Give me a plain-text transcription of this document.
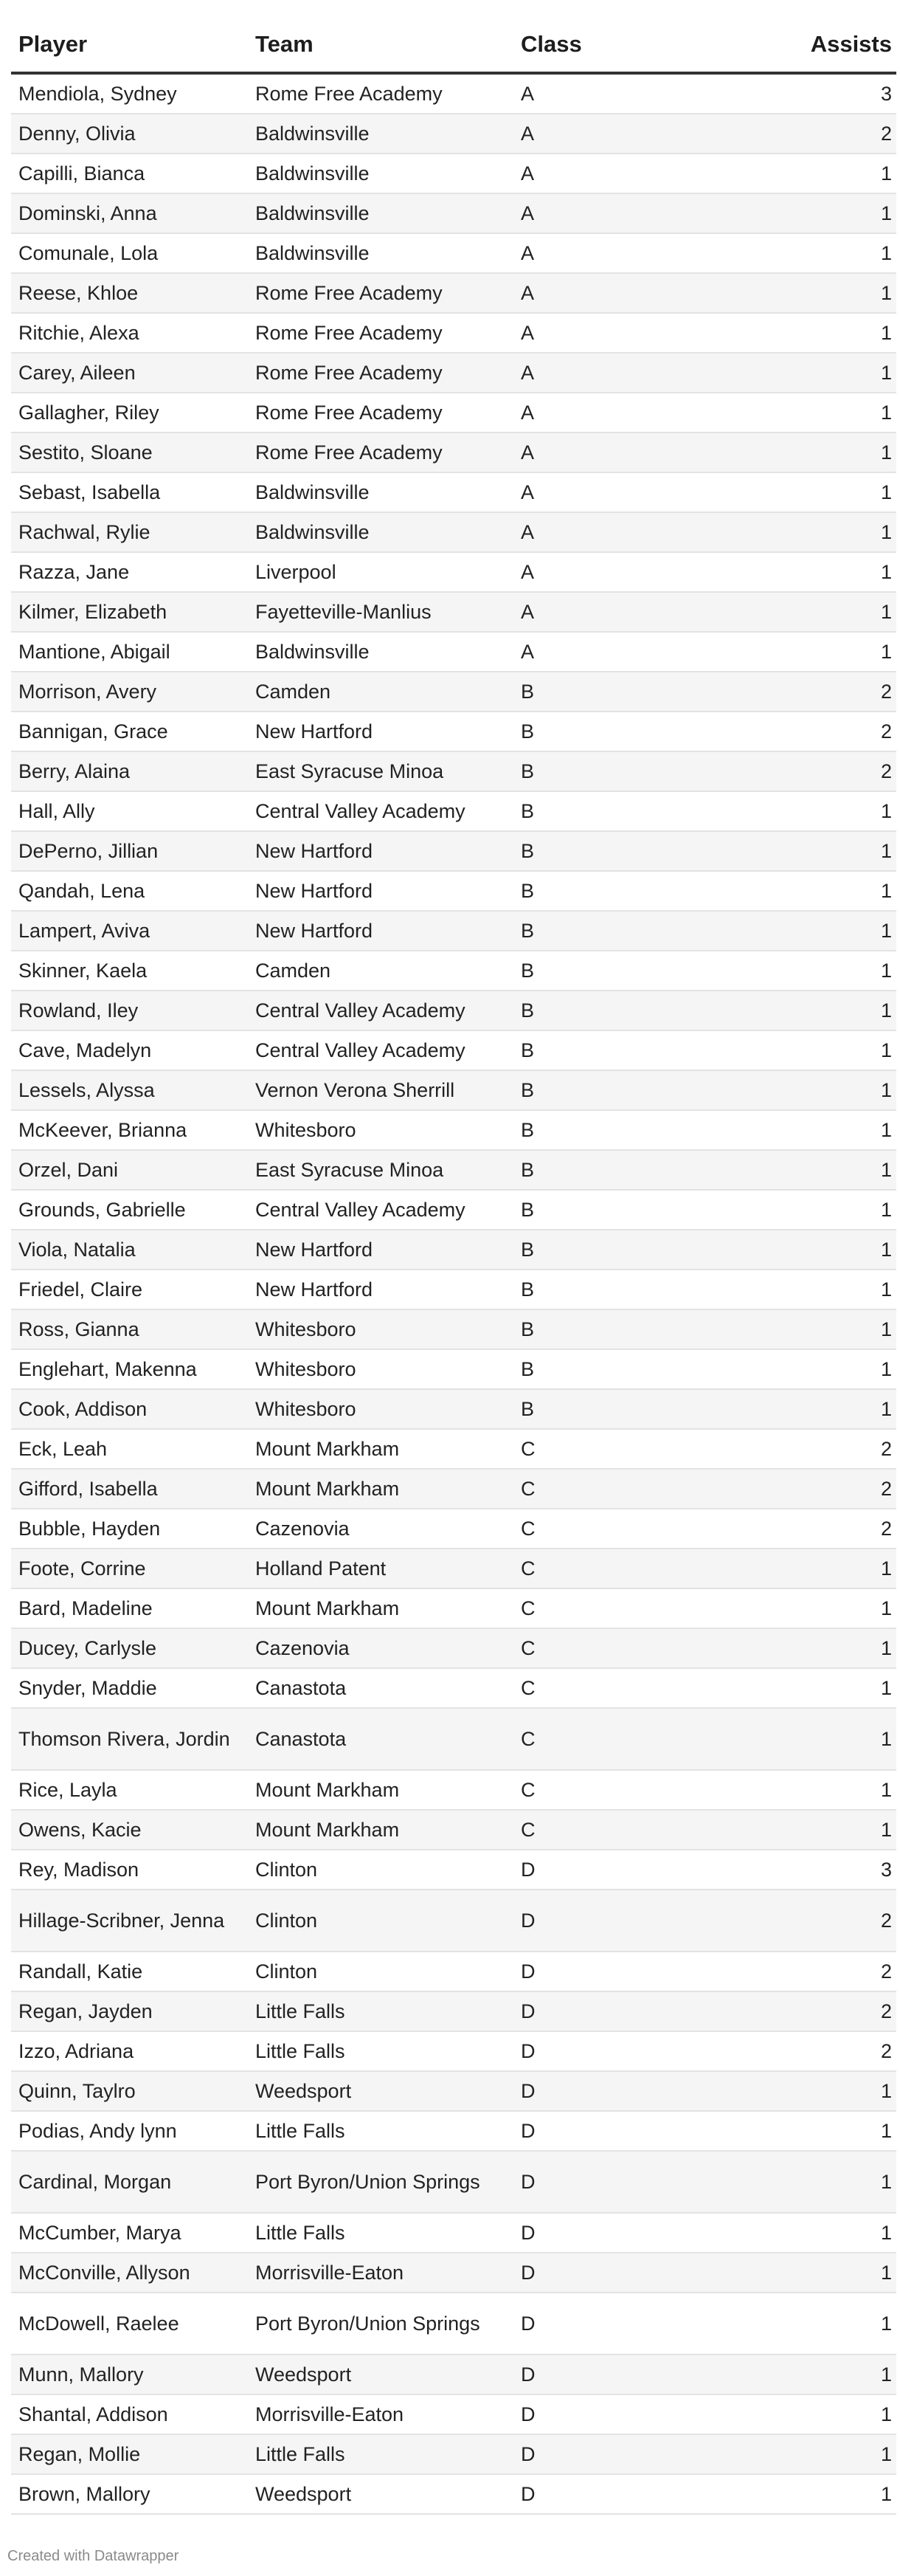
Player	Team	Class	Assists
Mendiola, Sydney	Rome Free Academy	A	3
Denny, Olivia	Baldwinsville	A	2
Capilli, Bianca	Baldwinsville	A	1
Dominski, Anna	Baldwinsville	A	1
Comunale, Lola	Baldwinsville	A	1
Reese, Khloe	Rome Free Academy	A	1
Ritchie, Alexa	Rome Free Academy	A	1
Carey, Aileen	Rome Free Academy	A	1
Gallagher, Riley	Rome Free Academy	A	1
Sestito, Sloane	Rome Free Academy	A	1
Sebast, Isabella	Baldwinsville	A	1
Rachwal, Rylie	Baldwinsville	A	1
Razza, Jane	Liverpool	A	1
Kilmer, Elizabeth	Fayetteville-Manlius	A	1
Mantione, Abigail	Baldwinsville	A	1
Morrison, Avery	Camden	B	2
Bannigan, Grace	New Hartford	B	2
Berry, Alaina	East Syracuse Minoa	B	2
Hall, Ally	Central Valley Academy	B	1
DePerno, Jillian	New Hartford	B	1
Qandah, Lena	New Hartford	B	1
Lampert, Aviva	New Hartford	B	1
Skinner, Kaela	Camden	B	1
Rowland, Iley	Central Valley Academy	B	1
Cave, Madelyn	Central Valley Academy	B	1
Lessels, Alyssa	Vernon Verona Sherrill	B	1
McKeever, Brianna	Whitesboro	B	1
Orzel, Dani	East Syracuse Minoa	B	1
Grounds, Gabrielle	Central Valley Academy	B	1
Viola, Natalia	New Hartford	B	1
Friedel, Claire	New Hartford	B	1
Ross, Gianna	Whitesboro	B	1
Englehart, Makenna	Whitesboro	B	1
Cook, Addison	Whitesboro	B	1
Eck, Leah	Mount Markham	C	2
Gifford, Isabella	Mount Markham	C	2
Bubble, Hayden	Cazenovia	C	2
Foote, Corrine	Holland Patent	C	1
Bard, Madeline	Mount Markham	C	1
Ducey, Carlysle	Cazenovia	C	1
Snyder, Maddie	Canastota	C	1
Thomson Rivera, Jordin	Canastota	C	1
Rice, Layla	Mount Markham	C	1
Owens, Kacie	Mount Markham	C	1
Rey, Madison	Clinton	D	3
Hillage-Scribner, Jenna	Clinton	D	2
Randall, Katie	Clinton	D	2
Regan, Jayden	Little Falls	D	2
Izzo, Adriana	Little Falls	D	2
Quinn, Taylro	Weedsport	D	1
Podias, Andy lynn	Little Falls	D	1
Cardinal, Morgan	Port Byron/Union Springs	D	1
McCumber, Marya	Little Falls	D	1
McConville, Allyson	Morrisville-Eaton	D	1
McDowell, Raelee	Port Byron/Union Springs	D	1
Munn, Mallory	Weedsport	D	1
Shantal, Addison	Morrisville-Eaton	D	1
Regan, Mollie	Little Falls	D	1
Brown, Mallory	Weedsport	D	1
Created with Datawrapper
